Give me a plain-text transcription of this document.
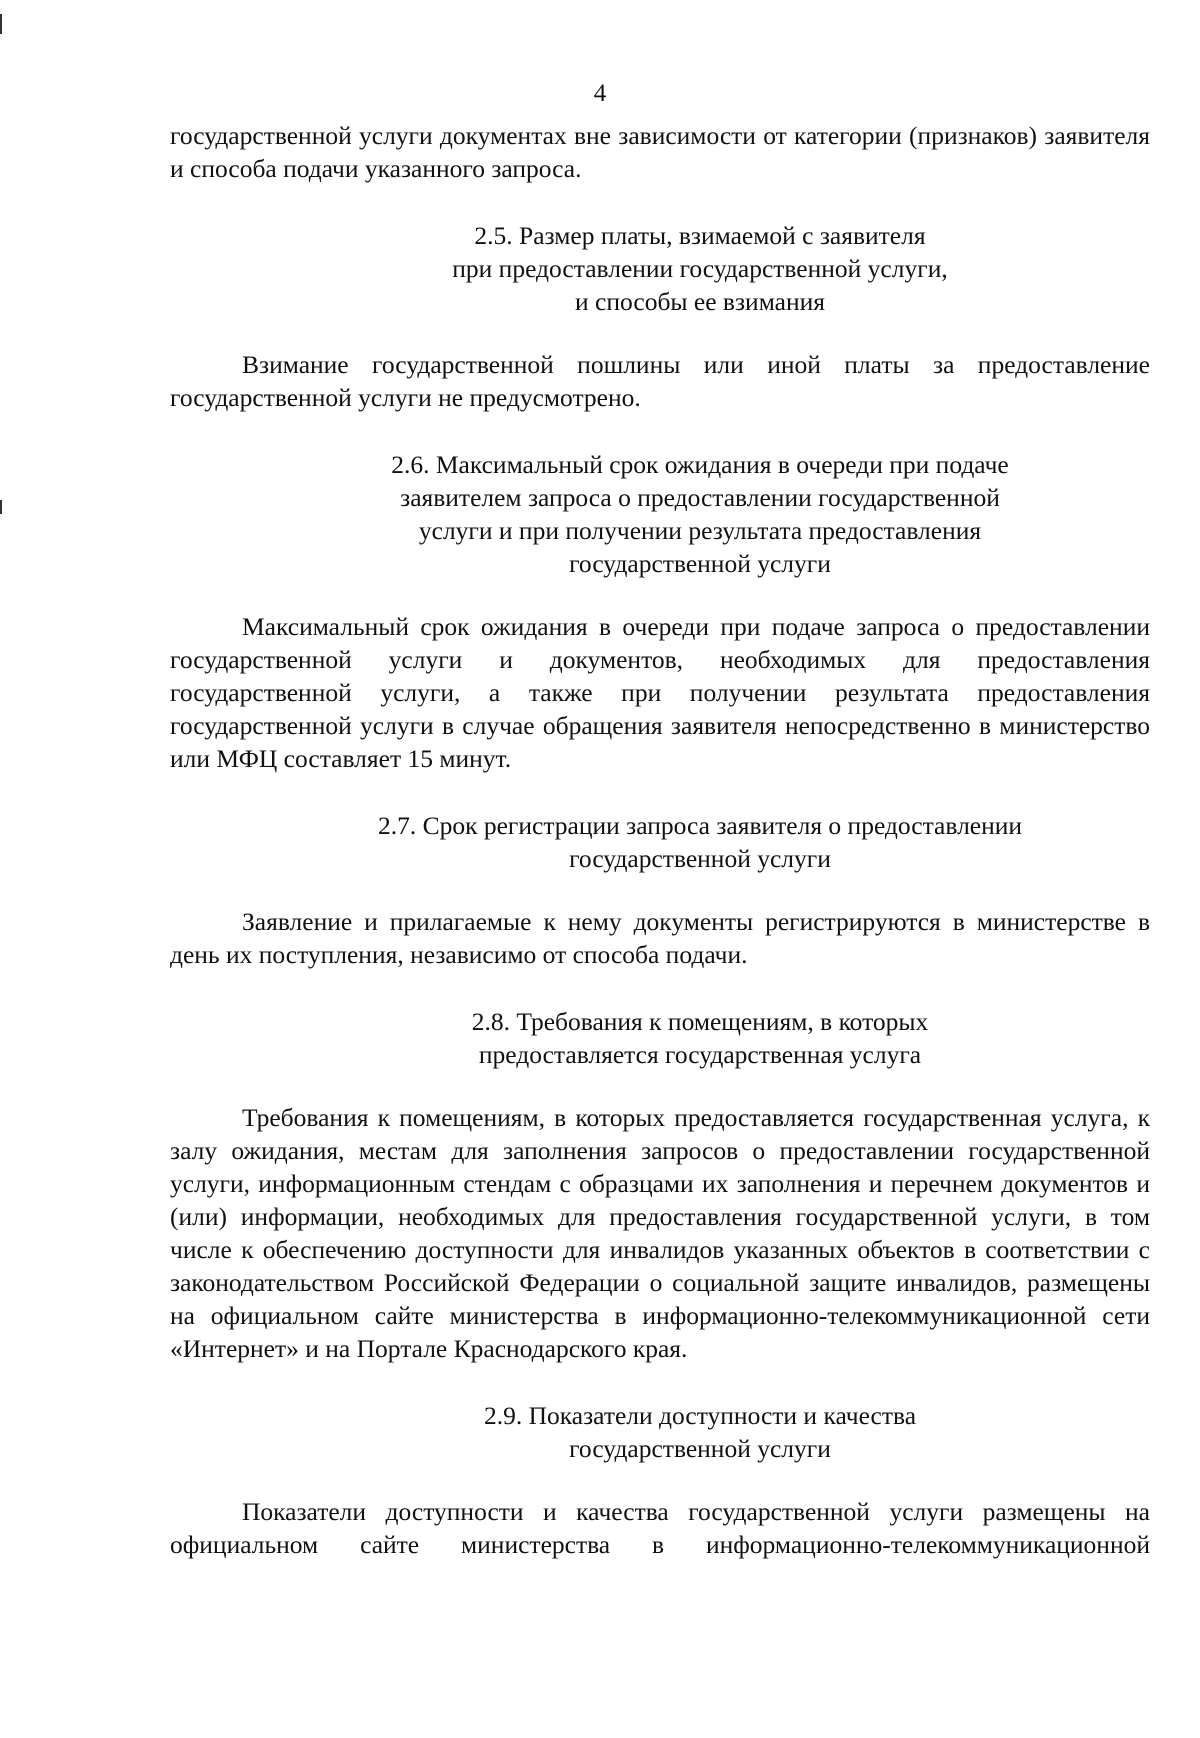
4

государственной услуги документах вне зависимости от категории (признаков) заявителя и способа подачи указанного запроса.

2.5. Размер платы, взимаемой с заявителя
при предоставлении государственной услуги,
и способы ее взимания

Взимание государственной пошлины или иной платы за предоставление государственной услуги не предусмотрено.

2.6. Максимальный срок ожидания в очереди при подаче
заявителем запроса о предоставлении государственной
услуги и при получении результата предоставления
государственной услуги

Максимальный срок ожидания в очереди при подаче запроса о предоставлении государственной услуги и документов, необходимых для предоставления государственной услуги, а также при получении результата предоставления государственной услуги в случае обращения заявителя непосредственно в министерство или МФЦ составляет 15 минут.

2.7. Срок регистрации запроса заявителя о предоставлении
государственной услуги

Заявление и прилагаемые к нему документы регистрируются в министерстве в день их поступления, независимо от способа подачи.

2.8. Требования к помещениям, в которых
предоставляется государственная услуга

Требования к помещениям, в которых предоставляется государственная услуга, к залу ожидания, местам для заполнения запросов о предоставлении государственной услуги, информационным стендам с образцами их заполнения и перечнем документов и (или) информации, необходимых для предоставления государственной услуги, в том числе к обеспечению доступности для инвалидов указанных объектов в соответствии с законодательством Российской Федерации о социальной защите инвалидов, размещены на официальном сайте министерства в информационно-телекоммуникационной сети «Интернет» и на Портале Краснодарского края.

2.9. Показатели доступности и качества
государственной услуги

Показатели доступности и качества государственной услуги размещены на официальном сайте министерства в информационно-телекоммуникационной
